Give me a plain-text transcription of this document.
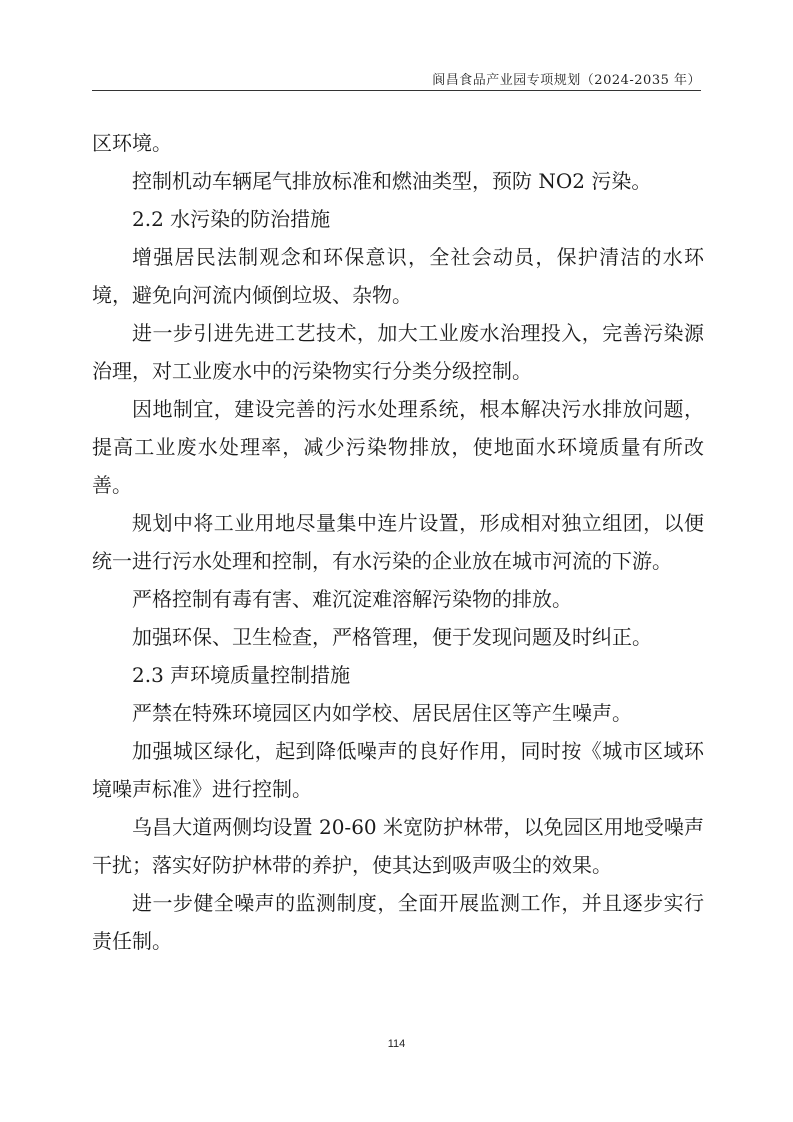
阆昌食品产业园专项规划（2024-2035 年）

区环境。

控制机动车辆尾气排放标准和燃油类型，预防 NO2 污染。

2.2 水污染的防治措施

增强居民法制观念和环保意识，全社会动员，保护清洁的水环境，避免向河流内倾倒垃圾、杂物。

进一步引进先进工艺技术，加大工业废水治理投入，完善污染源治理，对工业废水中的污染物实行分类分级控制。

因地制宜，建设完善的污水处理系统，根本解决污水排放问题，提高工业废水处理率，减少污染物排放，使地面水环境质量有所改善。

规划中将工业用地尽量集中连片设置，形成相对独立组团，以便统一进行污水处理和控制，有水污染的企业放在城市河流的下游。

严格控制有毒有害、难沉淀难溶解污染物的排放。

加强环保、卫生检查，严格管理，便于发现问题及时纠正。

2.3 声环境质量控制措施

严禁在特殊环境园区内如学校、居民居住区等产生噪声。

加强城区绿化，起到降低噪声的良好作用，同时按《城市区域环境噪声标准》进行控制。

乌昌大道两侧均设置 20-60 米宽防护林带，以免园区用地受噪声干扰；落实好防护林带的养护，使其达到吸声吸尘的效果。

进一步健全噪声的监测制度，全面开展监测工作，并且逐步实行责任制。

114
